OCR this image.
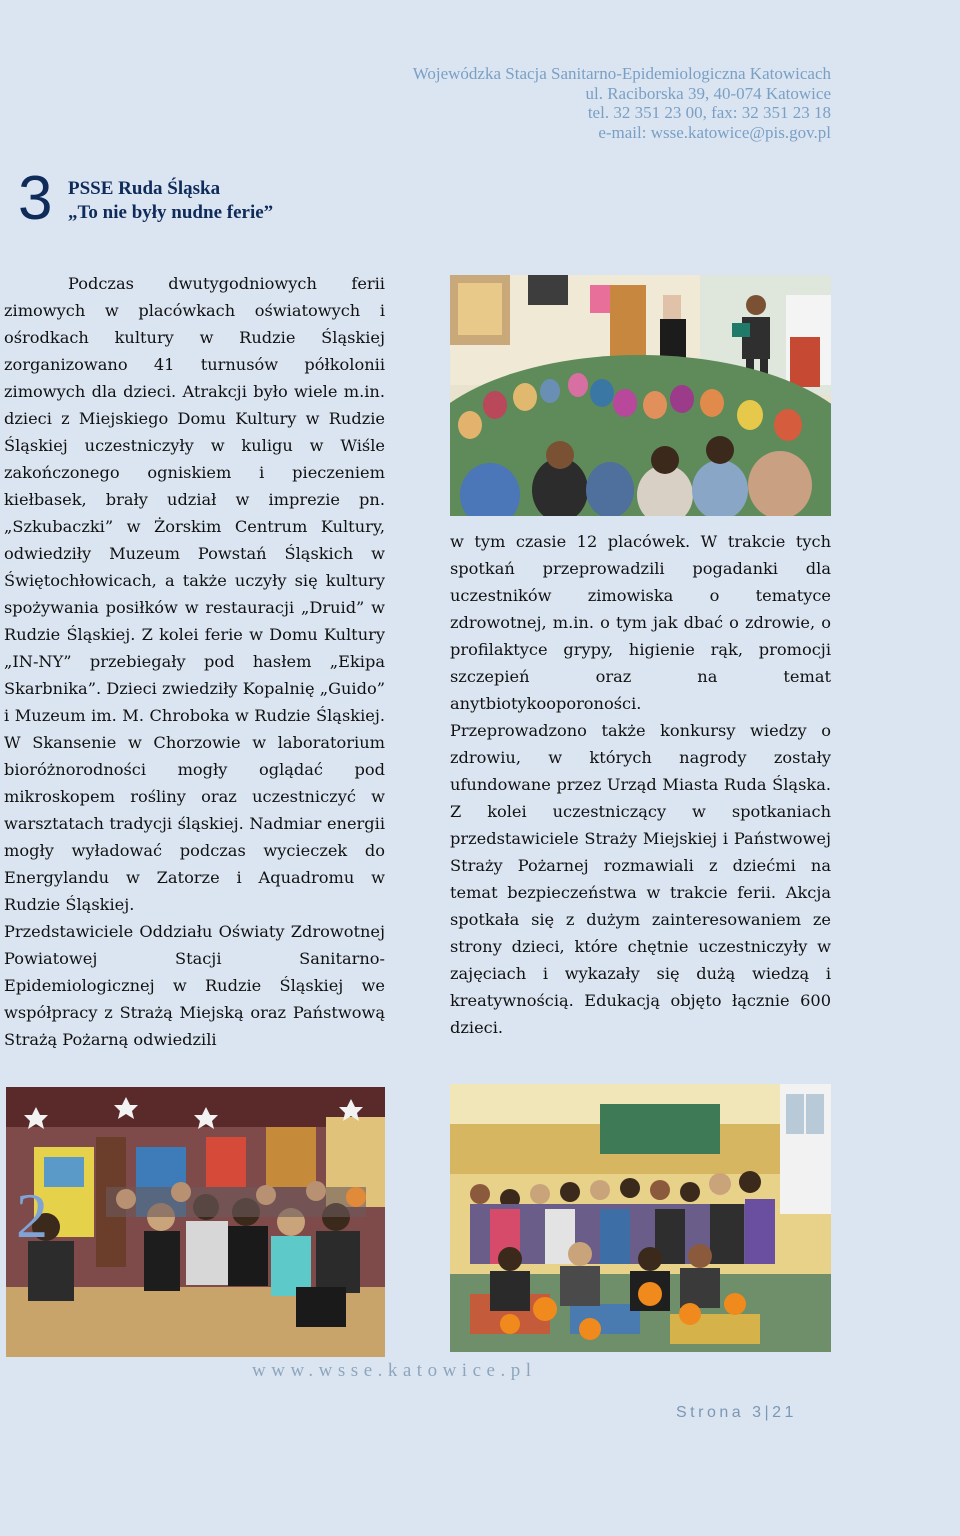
Wojewódzka Stacja Sanitarno-Epidemiologiczna Katowicach
ul. Raciborska 39, 40-074 Katowice
tel. 32 351 23 00, fax: 32 351 23 18
e-mail: wsse.katowice@pis.gov.pl
3 PSSE Ruda Śląska
„To nie były nudne ferie”

Podczas dwutygodniowych ferii zimowych w placówkach oświatowych i ośrodkach kultury w Rudzie Śląskiej zorganizowano 41 turnusów półkolonii zimowych dla dzieci. Atrakcji było wiele m.in. dzieci z Miejskiego Domu Kultury w Rudzie Śląskiej uczestniczyły w kuligu w Wiśle zakończonego ogniskiem i pieczeniem kiełbasek, brały udział w imprezie pn. „Szkubaczki” w Żorskim Centrum Kultury, odwiedziły Muzeum Powstań Śląskich w Świętochłowicach, a także uczyły się kultury spożywania posiłków w restauracji „Druid” w Rudzie Śląskiej. Z kolei ferie w Domu Kultury „IN-NY” przebiegały pod hasłem „Ekipa Skarbnika”. Dzieci zwiedziły Kopalnię „Guido” i Muzeum im. M. Chroboka w Rudzie Śląskiej. W Skansenie w Chorzowie w laboratorium bioróżnorodności mogły oglądać pod mikroskopem rośliny oraz uczestniczyć w warsztatach tradycji śląskiej. Nadmiar energii mogły wyładować podczas wycieczek do Energylandu w Zatorze i Aquadromu w Rudzie Śląskiej.

Przedstawiciele Oddziału Oświaty Zdrowotnej Powiatowej Stacji Sanitarno-Epidemiologicznej w Rudzie Śląskiej we współpracy z Strażą Miejską oraz Państwową Strażą Pożarną odwiedzili

w tym czasie 12 placówek. W trakcie tych spotkań przeprowadzili pogadanki dla uczestników zimowiska o tematyce zdrowotnej, m.in. o tym jak dbać o zdrowie, o profilaktyce grypy, higienie rąk, promocji szczepień oraz na temat anytbiotykooporoności.

Przeprowadzono także konkursy wiedzy o zdrowiu, w których nagrody zostały ufundowane przez Urząd Miasta Ruda Śląska. Z kolei uczestniczący w spotkaniach przedstawiciele Straży Miejskiej i Państwowej Straży Pożarnej rozmawiali z dziećmi na temat bezpieczeństwa w trakcie ferii. Akcja spotkała się z dużym zainteresowaniem ze strony dzieci, które chętnie uczestniczyły w zajęciach i wykazały się dużą wiedzą i kreatywnością. Edukacją objęto łącznie 600 dzieci.

2
www.wsse.katowice.pl
Strona 3|21
